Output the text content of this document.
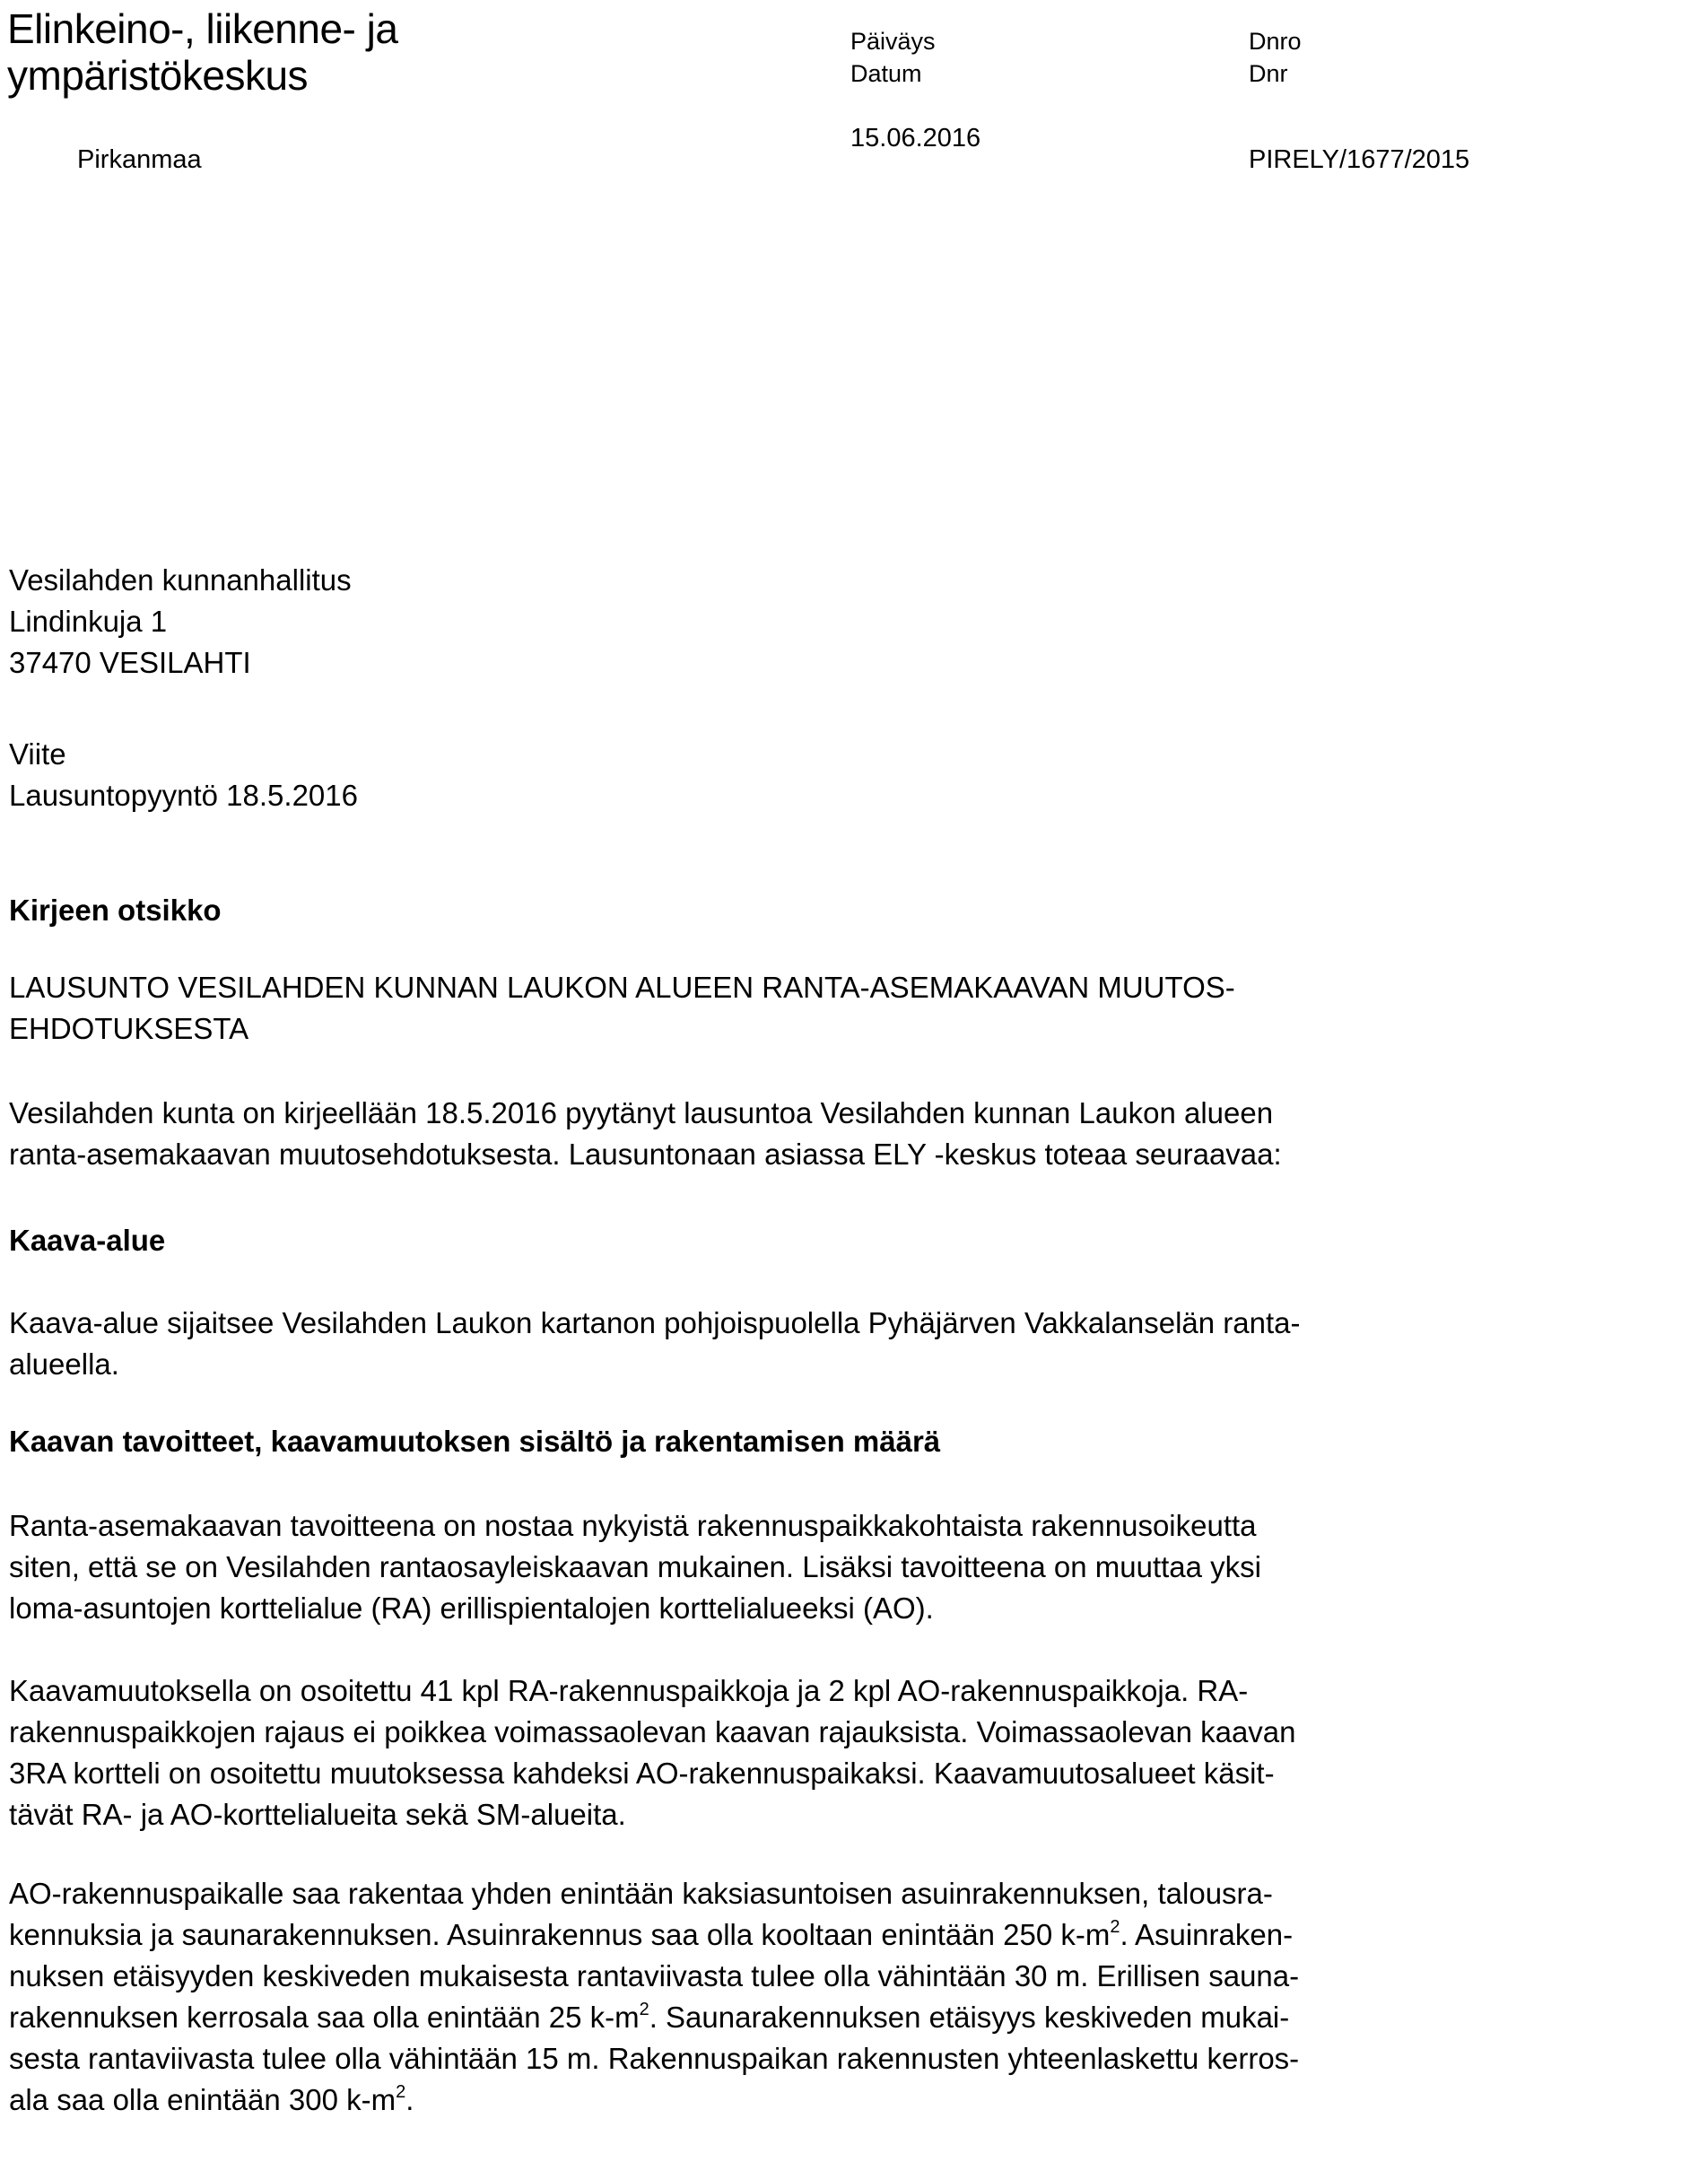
Elinkeino-, liikenne- ja
ympäristökeskus
Pirkanmaa
Päiväys
Datum
15.06.2016
Dnro
Dnr
PIRELY/1677/2015
Vesilahden kunnanhallitus
Lindinkuja 1
37470 VESILAHTI
Viite
Lausuntopyyntö 18.5.2016
Kirjeen otsikko
LAUSUNTO VESILAHDEN KUNNAN LAUKON ALUEEN RANTA-ASEMAKAAVAN MUUTOS-
EHDOTUKSESTA
Vesilahden kunta on kirjeellään 18.5.2016 pyytänyt lausuntoa Vesilahden kunnan Laukon alueen
ranta-asemakaavan muutosehdotuksesta. Lausuntonaan asiassa ELY -keskus toteaa seuraavaa:
Kaava-alue
Kaava-alue sijaitsee Vesilahden Laukon kartanon pohjoispuolella Pyhäjärven Vakkalanselän ranta-
alueella.
Kaavan tavoitteet, kaavamuutoksen sisältö ja rakentamisen määrä
Ranta-asemakaavan tavoitteena on nostaa nykyistä rakennuspaikkakohtaista rakennusoikeutta
siten, että se on Vesilahden rantaosayleiskaavan mukainen. Lisäksi tavoitteena on muuttaa yksi
loma-asuntojen korttelialue (RA) erillispientalojen korttelialueeksi (AO).
Kaavamuutoksella on osoitettu 41 kpl RA-rakennuspaikkoja ja 2 kpl AO-rakennuspaikkoja. RA-
rakennuspaikkojen rajaus ei poikkea voimassaolevan kaavan rajauksista. Voimassaolevan kaavan
3RA kortteli on osoitettu muutoksessa kahdeksi AO-rakennuspaikaksi. Kaavamuutosalueet käsit-
tävät RA- ja AO-korttelialueita sekä SM-alueita.
AO-rakennuspaikalle saa rakentaa yhden enintään kaksiasuntoisen asuinrakennuksen, talousra-
kennuksia ja saunarakennuksen. Asuinrakennus saa olla kooltaan enintään 250 $k-m^2$. Asuinraken-
nuksen etäisyyden keskiveden mukaisesta rantaviivasta tulee olla vähintään 30 m. Erillisen sauna-
rakennuksen kerrosala saa olla enintään 25 $k-m^2$. Saunarakennuksen etäisyys keskiveden mukai-
sesta rantaviivasta tulee olla vähintään 15 m. Rakennuspaikan rakennusten yhteenlaskettu kerros-
ala saa olla enintään 300 $k-m^2$.
